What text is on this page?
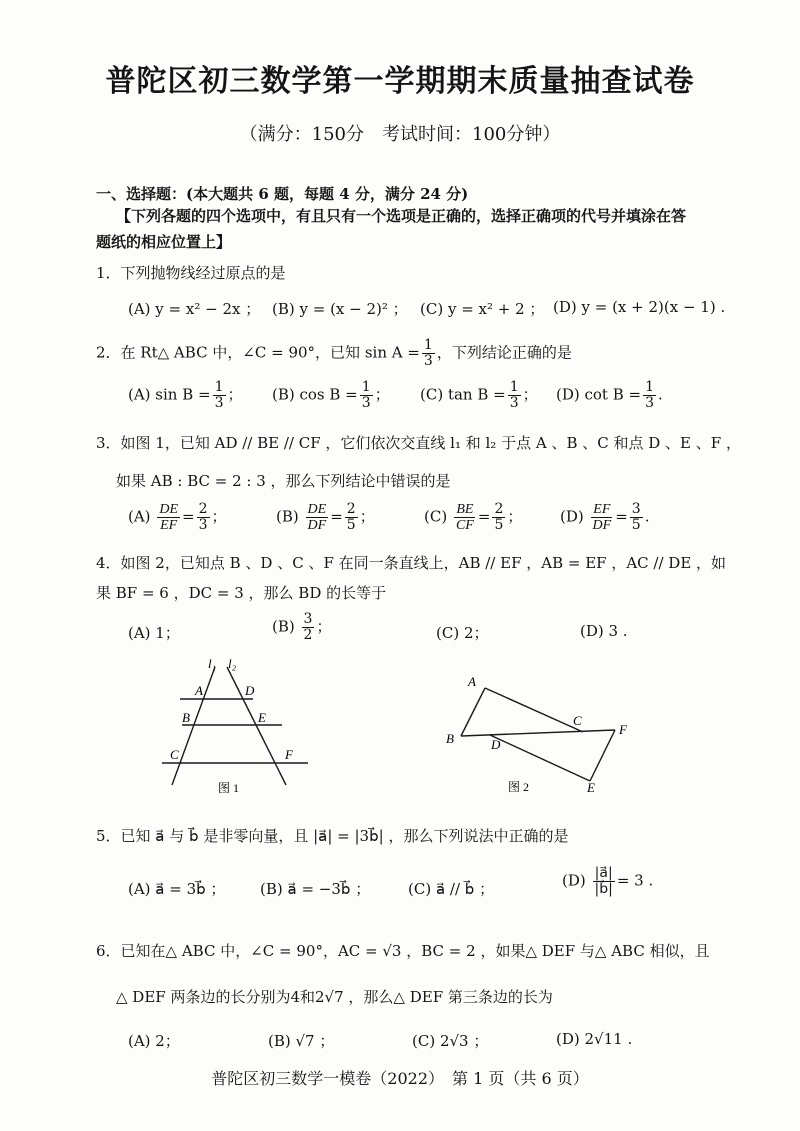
普陀区初三数学第一学期期末质量抽查试卷
（满分：150分　考试时间：100分钟）
一、选择题：(本大题共 6 题，每题 4 分，满分 24 分)
【下列各题的四个选项中，有且只有一个选项是正确的，选择正确项的代号并填涂在答
题纸的相应位置上】
1．下列抛物线经过原点的是
(A) y = x² − 2x ； (B) y = (x − 2)² ； (C) y = x² + 2 ； (D) y = (x + 2)(x − 1) .
2．在 Rt△ ABC 中，∠C = 90°，已知 $\sin A = \frac{1}{3}$ ，下列结论正确的是
(A) $\sin B = \frac{1}{3}$ ； (B) $\cos B = \frac{1}{3}$ ； (C) $\tan B = \frac{1}{3}$ ； (D) $\cot B = \frac{1}{3}$ .
3．如图 1，已知 AD // BE // CF ，它们依次交直线 l₁ 和 l₂ 于点 A 、B 、C 和点 D 、E 、F ，
如果 AB : BC = 2 : 3 ，那么下列结论中错误的是
$(A) \frac{DE}{EF} = \frac{2}{3}$ ；	$(B) \frac{DE}{DF} = \frac{2}{5}$ ；	$(C) \frac{BE}{CF} = \frac{2}{5}$ ；	$(D) \frac{EF}{DF} = \frac{3}{5}$ .
4．如图 2，已知点 B 、D 、C 、F 在同一条直线上，AB // EF ，AB = EF ，AC // DE ，如
果 BF = 6 ，DC = 3 ，那么 BD 的长等于
(A) 1；	$(B) \frac{3}{2}$ ；	(C) 2；	(D) 3 .
l₁ l₂
A	D
B	E
C	F
图 1
A
C
F
B	D
E
图 2
5．已知 a⃗ 与 b⃗ 是非零向量，且 |a⃗| = |3b⃗| ，那么下列说法中正确的是
(A) a⃗ = 3b⃗ ； (B) a⃗ = −3b⃗ ；	(C) a⃗ // b⃗ ；	$(D) \frac{|a⃗|}{|b⃗|} = 3$ .
6．已知在△ ABC 中，∠C = 90°，AC = √3 ，BC = 2 ，如果△ DEF 与△ ABC 相似，且
△ DEF 两条边的长分别为4和2√7 ，那么△ DEF 第三条边的长为
(A) 2；	(B) √7 ；	(C) 2√3 ；	(D) 2√11 .
普陀区初三数学一模卷（2022）　第 1 页（共 6 页）
